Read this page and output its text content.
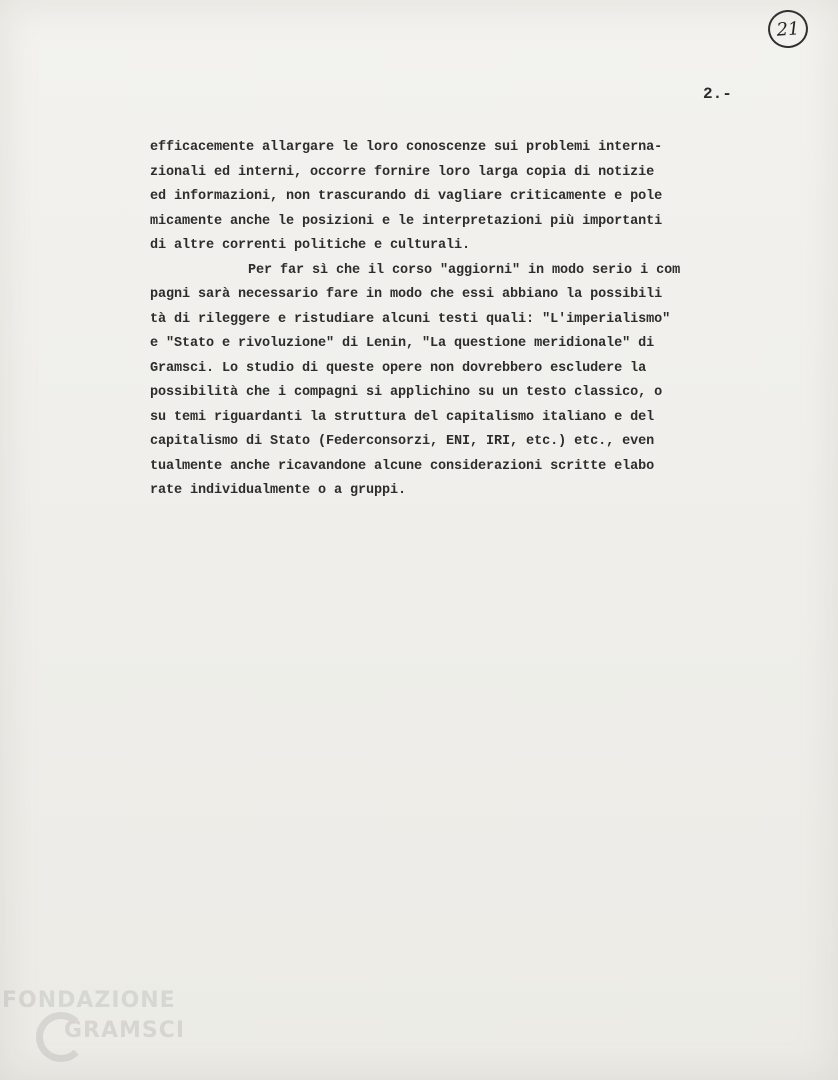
21
2.-
efficacemente allargare le loro conoscenze sui problemi interna-
zionali ed interni, occorre fornire loro larga copia di notizie
ed informazioni, non trascurando di vagliare criticamente e pole
micamente anche le posizioni e le interpretazioni più importanti
di altre correnti politiche e culturali.
Per far sì che il corso "aggiorni" in modo serio i com
pagni sarà necessario fare in modo che essi abbiano la possibili
tà di rileggere e ristudiare alcuni testi quali: "L'imperialismo"
e "Stato e rivoluzione" di Lenin, "La questione meridionale" di
Gramsci. Lo studio di queste opere non dovrebbero escludere la
possibilità che i compagni si applichino su un testo classico, o
su temi riguardanti la struttura del capitalismo italiano e del
capitalismo di Stato (Federconsorzi, ENI, IRI, etc.) etc., even
tualmente anche ricavandone alcune considerazioni scritte elabo
rate individualmente o a gruppi.
FONDAZIONE
GRAMSCI
